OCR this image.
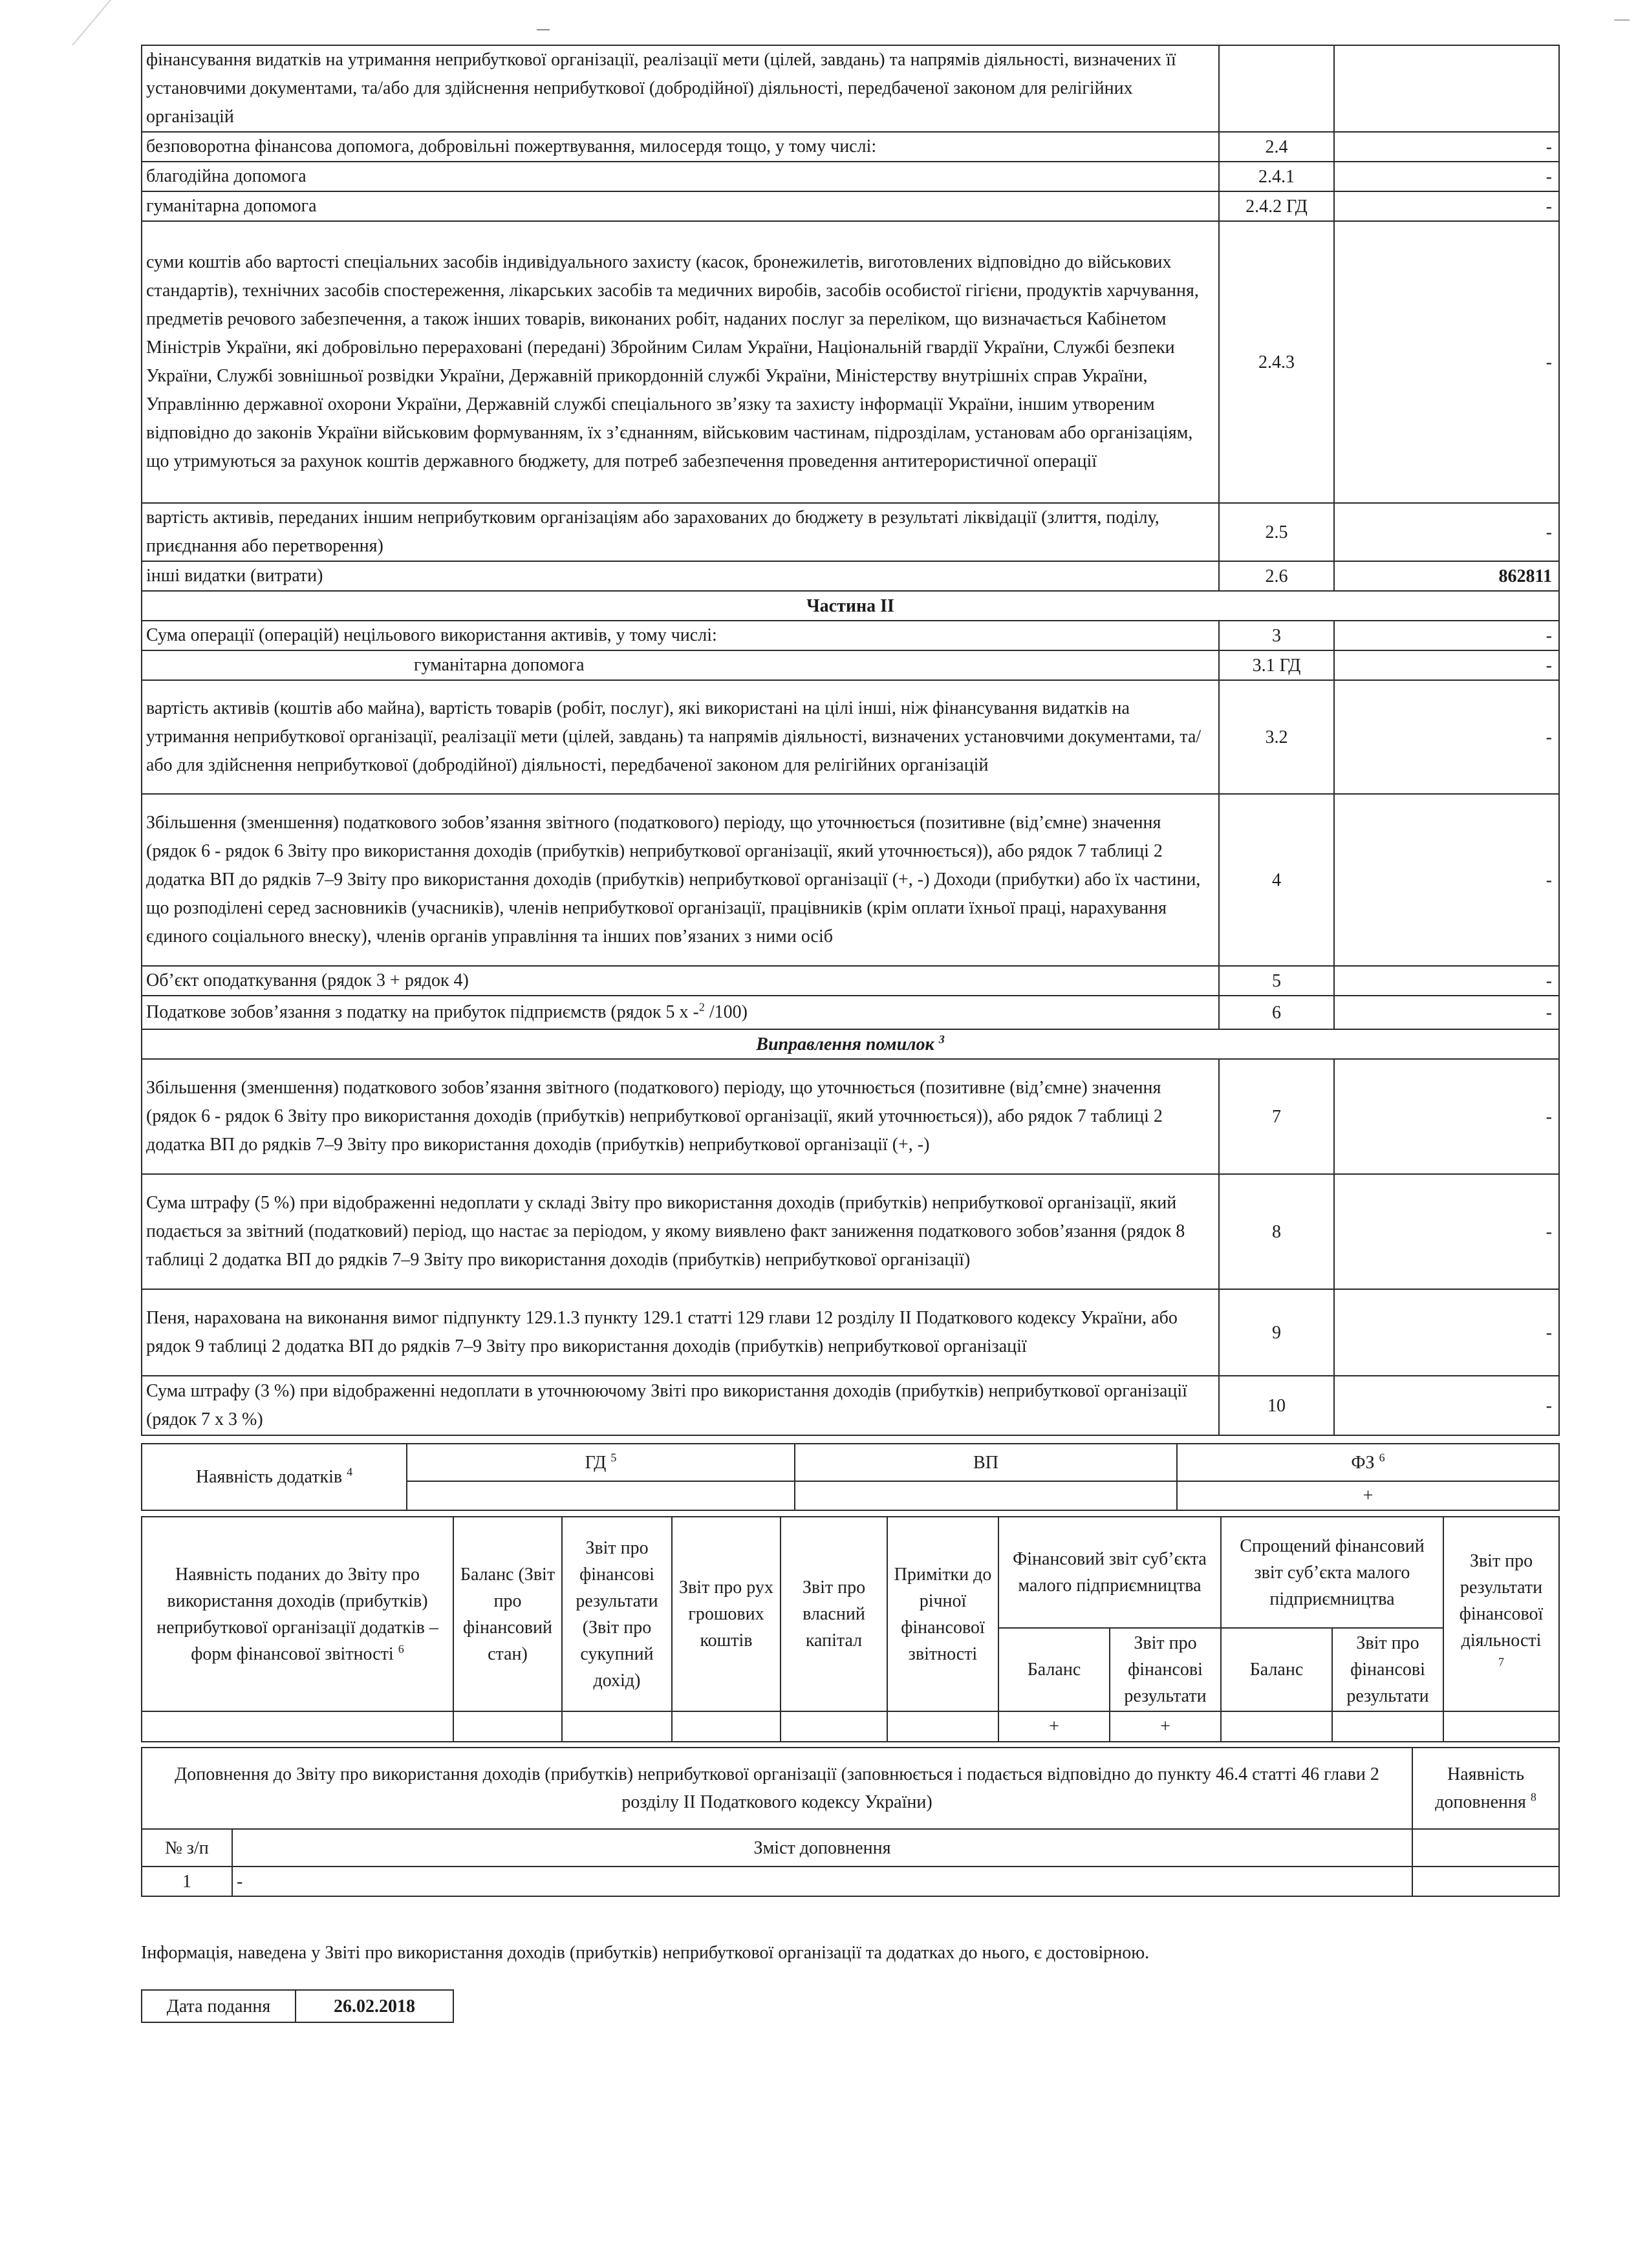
фінансування видатків на утримання неприбуткової організації, реалізації мети (цілей, завдань) та напрямів діяльності, визначених її установчими документами, та/або для здійснення неприбуткової (добродійної) діяльності, передбаченої законом для релігійних організацій		
безповоротна фінансова допомога, добровільні пожертвування, милосердя тощо, у тому числі:	2.4	-
благодійна допомога	2.4.1	-
гуманітарна допомога	2.4.2 ГД	-
суми коштів або вартості спеціальних засобів індивідуального захисту (касок, бронежилетів, виготовлених відповідно до військових стандартів), технічних засобів спостереження, лікарських засобів та медичних виробів, засобів особистої гігієни, продуктів харчування, предметів речового забезпечення, а також інших товарів, виконаних робіт, наданих послуг за переліком, що визначається Кабінетом Міністрів України, які добровільно перераховані (передані) Збройним Силам України, Національній гвардії України, Службі безпеки України, Службі зовнішньої розвідки України, Державній прикордонній службі України, Міністерству внутрішніх справ України, Управлінню державної охорони України, Державній службі спеціального зв’язку та захисту інформації України, іншим утвореним відповідно до законів України військовим формуванням, їх з’єднанням, військовим частинам, підрозділам, установам або організаціям, що утримуються за рахунок коштів державного бюджету, для потреб забезпечення проведення антитерористичної операції	2.4.3	-
вартість активів, переданих іншим неприбутковим організаціям або зарахованих до бюджету в результаті ліквідації (злиття, поділу, приєднання або перетворення)	2.5	-
інші видатки (витрати)	2.6	862811
Частина II		
Сума операції (операцій) нецільового використання активів, у тому числі:	3	-
гуманітарна допомога	3.1 ГД	-
вартість активів (коштів або майна), вартість товарів (робіт, послуг), які використані на цілі інші, ніж фінансування видатків на утримання неприбуткової організації, реалізації мети (цілей, завдань) та напрямів діяльності, визначених установчими документами, та/або для здійснення неприбуткової (добродійної) діяльності, передбаченої законом для релігійних організацій	3.2	-
Збільшення (зменшення) податкового зобов’язання звітного (податкового) періоду, що уточнюється (позитивне (від’ємне) значення (рядок 6 - рядок 6 Звіту про використання доходів (прибутків) неприбуткової організації, який уточнюється)), або рядок 7 таблиці 2 додатка ВП до рядків 7–9 Звіту про використання доходів (прибутків) неприбуткової організації (+, -) Доходи (прибутки) або їх частини, що розподілені серед засновників (учасників), членів неприбуткової організації, працівників (крім оплати їхньої праці, нарахування єдиного соціального внеску), членів органів управління та інших пов’язаних з ними осіб	4	-
Об’єкт оподаткування (рядок 3 + рядок 4)	5	-
Податкове зобов’язання з податку на прибуток підприємств (рядок 5 х -$^2$ /100)	6	-
Виправлення помилок $^3$
Збільшення (зменшення) податкового зобов’язання звітного (податкового) періоду, що уточнюється (позитивне (від’ємне) значення (рядок 6 - рядок 6 Звіту про використання доходів (прибутків) неприбуткової організації, який уточнюється)), або рядок 7 таблиці 2 додатка ВП до рядків 7–9 Звіту про використання доходів (прибутків) неприбуткової організації (+, -)	7	-
Сума штрафу (5 %) при відображенні недоплати у складі Звіту про використання доходів (прибутків) неприбуткової організації, який подається за звітний (податковий) період, що настає за періодом, у якому виявлено факт заниження податкового зобов’язання (рядок 8 таблиці 2 додатка ВП до рядків 7–9 Звіту про використання доходів (прибутків) неприбуткової організації)	8	-
Пеня, нарахована на виконання вимог підпункту 129.1.3 пункту 129.1 статті 129 глави 12 розділу II Податкового кодексу України, або рядок 9 таблиці 2 додатка ВП до рядків 7–9 Звіту про використання доходів (прибутків) неприбуткової організації	9	-
Сума штрафу (3 %) при відображенні недоплати в уточнюючому Звіті про використання доходів (прибутків) неприбуткової організації (рядок 7 х 3 %)	10	-
Наявність додатків $^4$	ГД $^5$	ВП	ФЗ $^6$
			+
Наявність поданих до Звіту про використання доходів (прибутків) неприбуткової організації додатків – форм фінансової звітності $^6$	Баланс (Звіт про фінансовий стан)	Звіт про фінансові результати (Звіт про сукупний дохід)	Звіт про рух грошових коштів	Звіт про власний капітал	Примітки до річної фінансової звітності	Фінансовий звіт суб’єкта малого підприємництва		Спрощений фінансовий звіт суб’єкта малого підприємництва		Звіт про результати фінансової діяльності
$^7$
						Баланс	Звіт про фінансові результати	Баланс	Звіт про фінансові результати	
						+	+			
Доповнення до Звіту про використання доходів (прибутків) неприбуткової організації (заповнюється і подається відповідно до пункту 46.4 статті 46 глави 2 розділу II Податкового кодексу України)		Наявність доповнення $^8$
№ з/п	Зміст доповнення	
1	-	
Інформація, наведена у Звіті про використання доходів (прибутків) неприбуткової організації та додатках до нього, є достовірною.
Дата подання	26.02.2018
